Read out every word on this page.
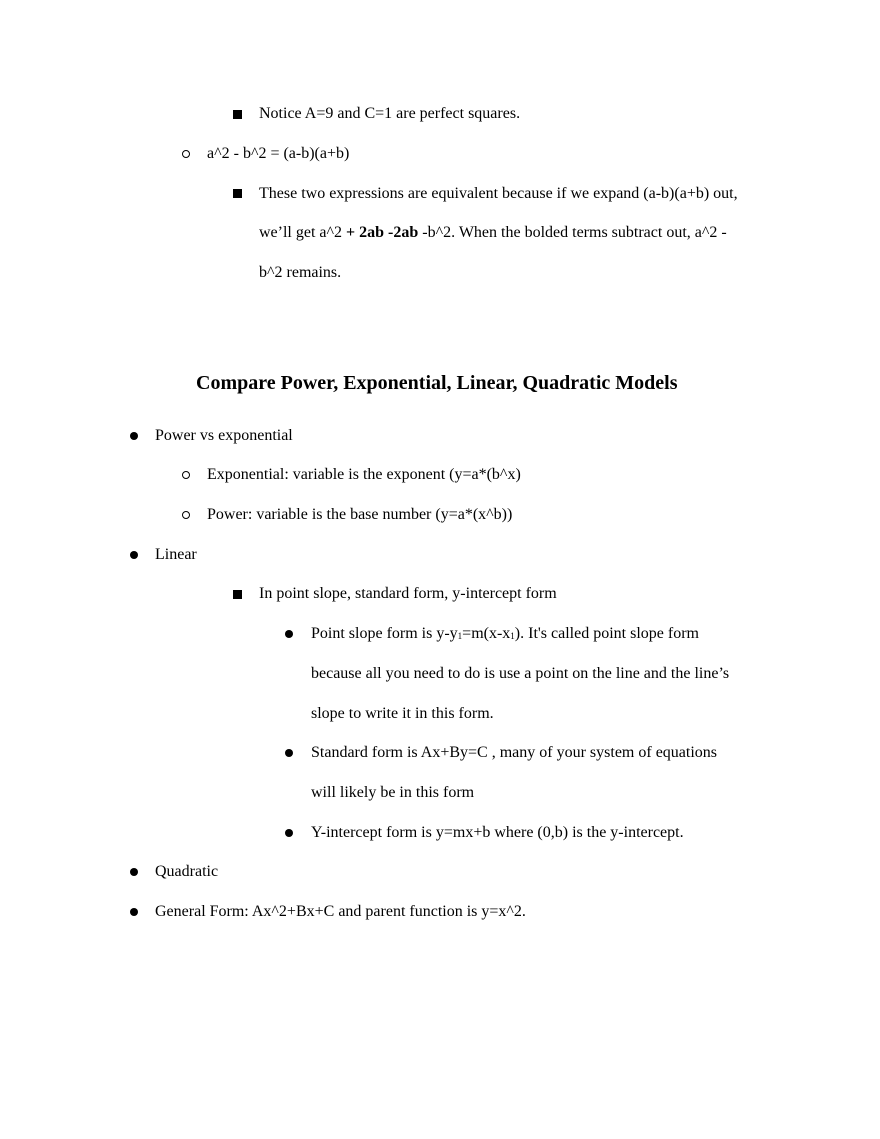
Notice A=9 and C=1 are perfect squares.
a^2 - b^2 = (a-b)(a+b)
These two expressions are equivalent because if we expand (a-b)(a+b) out,
we’ll get a^2 + 2ab -2ab -b^2. When the bolded terms subtract out, a^2 -
b^2 remains.
Compare Power, Exponential, Linear, Quadratic Models
Power vs exponential
Exponential: variable is the exponent (y=a*(b^x)
Power: variable is the base number (y=a*(x^b))
Linear
In point slope, standard form, y-intercept form
Point slope form is $y-y_1=m(x-x_1)$. It's called point slope form
because all you need to do is use a point on the line and the line’s
slope to write it in this form.
Standard form is Ax+By=C , many of your system of equations
will likely be in this form
Y-intercept form is y=mx+b where (0,b) is the y-intercept.
Quadratic
General Form: Ax^2+Bx+C and parent function is y=x^2.
